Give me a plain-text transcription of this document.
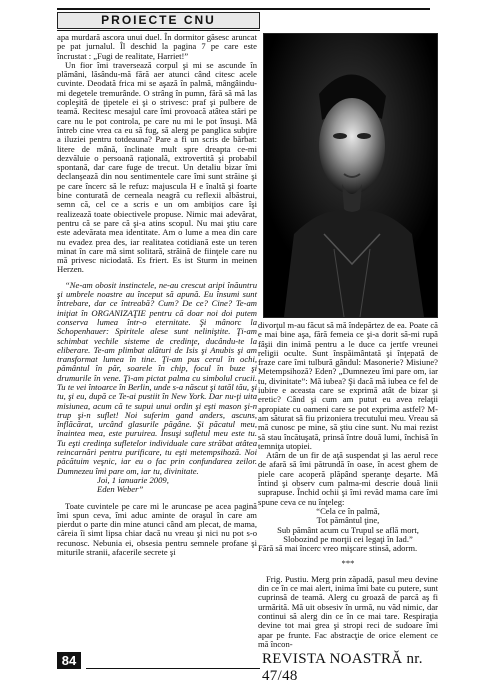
PROIECTE CNU

apa murdară ascora unui duel. În dormitor găsesc aruncat pe pat jurnalul. Îl deschid la pagina 7 pe care este încrustat : „Fugi de realitate, Harriet!”

Un fior îmi traversează corpul şi mi se ascunde în plămâni, lăsându-mă fără aer atunci când citesc acele cuvinte. Deodată frica mi se aşază în palmă, mângâindu-mi degetele tremurânde. O strâng în pumn, fără să mă las copleşită de ţipetele ei şi o strivesc: praf şi pulbere de teamă. Recitesc mesajul care îmi provoacă atâtea stări pe care nu le pot controla, pe care nu mi le pot însuşi. Mă întreb cine vrea ca eu să fug, să alerg pe panglica subţire a iluziei pentru totdeauna? Pare a fi un scris de bărbat: litere de mână, înclinate mult spre dreapta ce-mi dezvăluie o persoană raţională, extrovertită şi probabil spontană, dar care fuge de trecut. Un detaliu bizar îmi declanşează din nou sentimentele care îmi sunt străine şi pe care încerc să le refuz: majuscula H e înaltă şi foarte bine conturată de cerneala neagră cu reflexii albăstrui, semn că, cel ce a scris e un om ambiţios care îşi realizează toate obiectivele propuse. Nimic mai adevărat, pentru că se pare că şi-a atins scopul. Nu mai ştiu care este adevărata mea identitate. Am o lume a mea din care nu evadez prea des, iar realitatea cotidiană este un teren minat în care mă simt solitară, străină de fiinţele care nu mă privesc niciodată. Es friert. Es ist Sturm in meinen Herzen.

“Ne-am obosit instinctele, ne-au crescut aripi înăuntru şi umbrele noastre au început să apună. Eu însumi sunt întrebare, dar ce întreabă? Cum? De ce? Cine? Te-am iniţiat în ORGANIZAŢIE pentru că doar noi doi putem conserva lumea într-o eternitate. Şi mânorc la Schopenhauer: Spiritele alese sunt neliniştite. Ţi-am schimbat vechile sisteme de credinţe, ducându-te la eliberare. Te-am plimbat alături de Isis şi Anubis şi am transformat lumea în tine. Ţi-am pus cerul în ochi, pământul în păr, soarele în chip, focul în buze şi drumurile în vene. Ţi-am pictat palma cu simbolul crucii. Tu te vei întoarce în Berlin, unde s-a născut şi tatăl tău, şi tu, şi eu, după ce Te-ai pustiit în New York. Dar nu-ţi uita misiunea, acum că te supui unui ordin şi eşti mason şi-n trup şi-n suflet! Noi suferim gand anders, ascuns, înflăcărat, urcând glasurile păgâne. Şi păcatul meu, înaintea mea, este puruirea. Însuşi sufletul meu este tu. Tu eşti credinţa sufletelor individuale care străbat atâtea reincarnări pentru purificare, tu eşti metempsihoză. Noi păcătuim veşnic, iar eu o fac prin confundarea zeilor. Dumnezeu îmi pare om, iar tu, divinitate.

Joi, 1 ianuarie 2009,

Eden Weber”

Toate cuvintele pe care mi le aruncase pe acea pagină îmi spun ceva, îmi aduc aminte de oraşul în care am pierdut o parte din mine atunci când am plecat, de mama, căreia îi simt lipsa chiar dacă nu vreau şi nici nu pot s-o recunosc. Nebunia ei, obsesia pentru semnele profane şi miturile stranii, afacerile secrete şi

divorţul m-au făcut să mă îndepărtez de ea. Poate că e mai bine aşa, fără femeia ce şi-a dorit să-mi rupă fâşii din inimă pentru a le duce ca jertfe vreunei religii oculte. Sunt înspăimântată şi înţepată de fraze care îmi tulbură gândul: Masonerie? Misiune? Metempsihoză? Eden? „Dumnezeu îmi pare om, iar tu, divinitate”: Mă iubea? Şi dacă mă iubea ce fel de iubire e aceasta care se exprimă atât de bizar şi eretic? Când şi cum am putut eu avea relaţii apropiate cu oameni care se pot exprima astfel? M-am săturat să fiu prizoniera trecutului meu. Vreau să mă cunosc pe mine, să ştiu cine sunt. Nu mai rezist să stau încătuşată, prinsă între două lumi, închisă în temniţa utopiei.

Atârn de un fir de aţă suspendat şi las aerul rece de afară să îmi pătrundă în oase, în acest ghem de piele care acoperă plăpând speranţe deşarte. Mă întind şi observ cum palma-mi descrie două linii suprapuse. Închid ochii şi îmi revăd mama care îmi spune ceva ce nu înţeleg:

“Cela ce în palmă,
Tot pământul ţine,
Sub pământ acum cu Trupul se află mort,
Slobozind pe morţii cei legaţi în Iad.”

Fără să mai încerc vreo mişcare stinsă, adorm.

***

Frig. Pustiu. Merg prin zăpadă, pasul meu devine din ce în ce mai alert, inima îmi bate cu putere, sunt cuprinsă de teamă. Alerg cu groază de parcă aş fi urmărită. Mă uit obsesiv în urmă, nu văd nimic, dar continui să alerg din ce în ce mai tare. Respiraţia devine tot mai grea şi stropi reci de sudoare îmi apar pe frunte. Fac abstracţie de orice element ce mă încon-

84	REVISTA NOASTRĂ nr. 47/48
